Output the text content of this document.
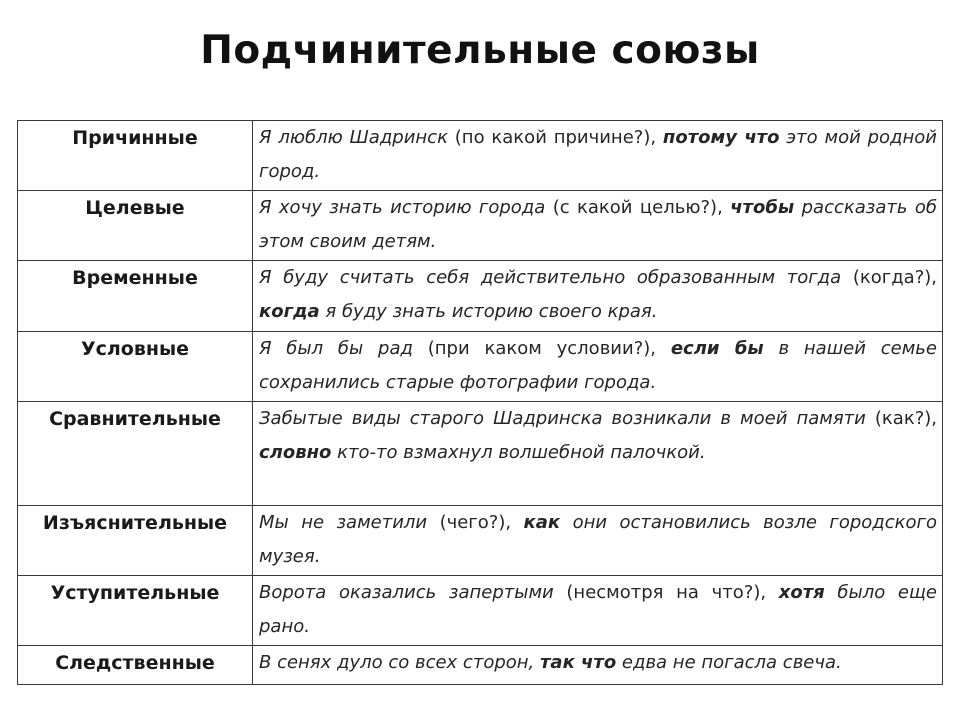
Подчинительные союзы
Причинные	Я люблю Шадринск (по какой причине?), потому что это мой родной город.
Целевые	Я хочу знать историю города (с какой целью?), чтобы рассказать об этом своим детям.
Временные	Я буду считать себя действительно образованным тогда (когда?), когда я буду знать историю своего края.
Условные	Я был бы рад (при каком условии?), если бы в нашей семье сохранились старые фотографии города.
Сравнительные	Забытые виды старого Шадринска возникали в моей памяти (как?), словно кто-то взмахнул волшебной палочкой.
Изъяснительные	Мы не заметили (чего?), как они остановились возле городского музея.
Уступительные	Ворота оказались запертыми (несмотря на что?), хотя было еще рано.
Следственные	В сенях дуло со всех сторон, так что едва не погасла свеча.
